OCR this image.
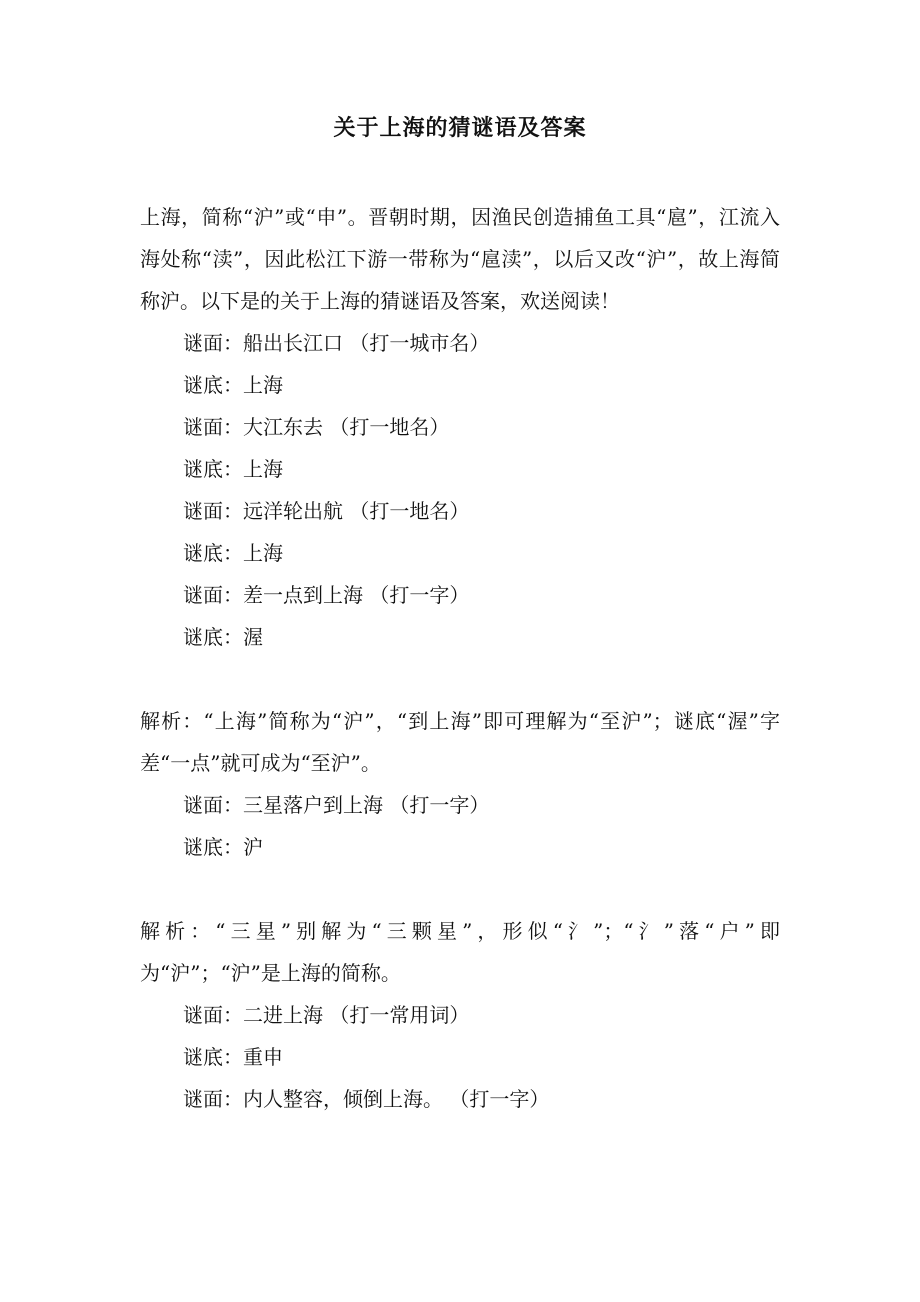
关于上海的猜谜语及答案

上海，简称“沪”或“申”。晋朝时期，因渔民创造捕鱼工具“扈”，江流入海处称“渎”，因此松江下游一带称为“扈渎”，以后又改“沪”，故上海简称沪。以下是的关于上海的猜谜语及答案，欢送阅读！

谜面：船出长江口 （打一城市名）

谜底：上海

谜面：大江东去 （打一地名）

谜底：上海

谜面：远洋轮出航 （打一地名）

谜底：上海

谜面：差一点到上海 （打一字）

谜底：渥

解析：“上海”简称为“沪”，“到上海”即可理解为“至沪”；谜底“渥”字差“一点”就可成为“至沪”。

谜面：三星落户到上海 （打一字）

谜底：沪

解析：“三星”别解为“三颗星”，形似“氵”；“氵”落“户”即为“沪”；“沪”是上海的简称。

谜面：二进上海 （打一常用词）

谜底：重申

谜面：内人整容，倾倒上海。 （打一字）
